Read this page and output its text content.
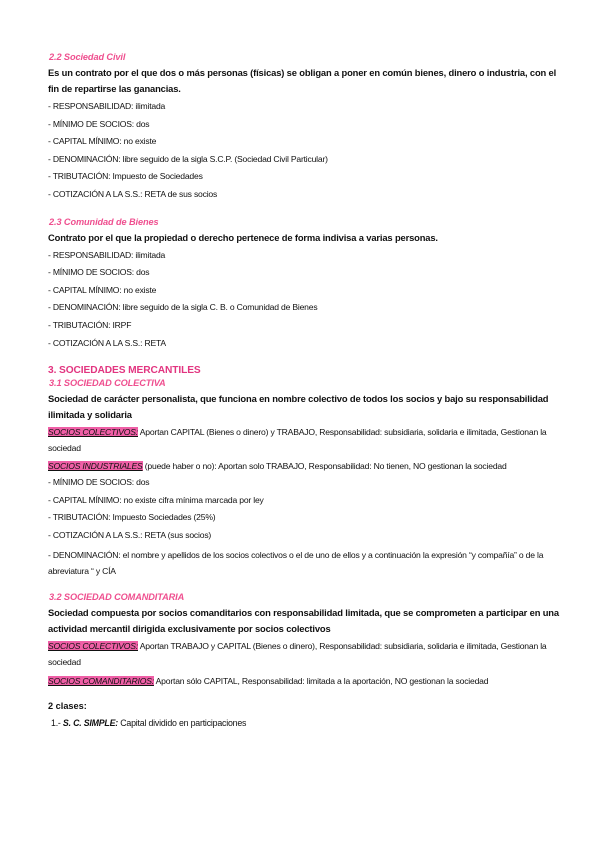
2.2 Sociedad Civil
Es un contrato por el que dos o más personas (físicas) se obligan a poner en común bienes, dinero o industria, con el fin de repartirse las ganancias.
- RESPONSABILIDAD: ilimitada
- MÍNIMO DE SOCIOS: dos
- CAPITAL MÍNIMO: no existe
- DENOMINACIÓN: libre seguido de la sigla S.C.P. (Sociedad Civil Particular)
- TRIBUTACIÓN: Impuesto de Sociedades
- COTIZACIÓN A LA S.S.: RETA de sus socios
2.3 Comunidad de Bienes
Contrato por el que la propiedad o derecho pertenece de forma indivisa a varias personas.
- RESPONSABILIDAD: ilimitada
- MÍNIMO DE SOCIOS: dos
- CAPITAL MÍNIMO: no existe
- DENOMINACIÓN: libre seguido de la sigla C. B. o Comunidad de Bienes
- TRIBUTACIÓN: IRPF
- COTIZACIÓN A LA S.S.: RETA
3. SOCIEDADES MERCANTILES
3.1 SOCIEDAD COLECTIVA
Sociedad de carácter personalista, que funciona en nombre colectivo de todos los socios y bajo su responsabilidad ilimitada y solidaria
SOCIOS COLECTIVOS: Aportan CAPITAL (Bienes o dinero) y TRABAJO, Responsabilidad: subsidiaria, solidaria e ilimitada, Gestionan la sociedad
SOCIOS INDUSTRIALES (puede haber o no): Aportan solo TRABAJO, Responsabilidad: No tienen, NO gestionan la sociedad
- MÍNIMO DE SOCIOS: dos
- CAPITAL MÍNIMO: no existe cifra mínima marcada por ley
- TRIBUTACIÓN: Impuesto Sociedades (25%)
- COTIZACIÓN A LA S.S.: RETA (sus socios)
- DENOMINACIÓN: el nombre y apellidos de los socios colectivos o el de uno de ellos y a continuación la expresión “y compañía” o de la abreviatura “ y CÍA
3.2 SOCIEDAD COMANDITARIA
Sociedad compuesta por socios comanditarios con responsabilidad limitada, que se comprometen a participar en una actividad mercantil dirigida exclusivamente por socios colectivos
SOCIOS COLECTIVOS: Aportan TRABAJO y CAPITAL (Bienes o dinero), Responsabilidad: subsidiaria, solidaria e ilimitada, Gestionan la sociedad
SOCIOS COMANDITARIOS: Aportan sólo CAPITAL, Responsabilidad: limitada a la aportación, NO gestionan la sociedad
2 clases:
1.- S. C. SIMPLE: Capital dividido en participaciones
